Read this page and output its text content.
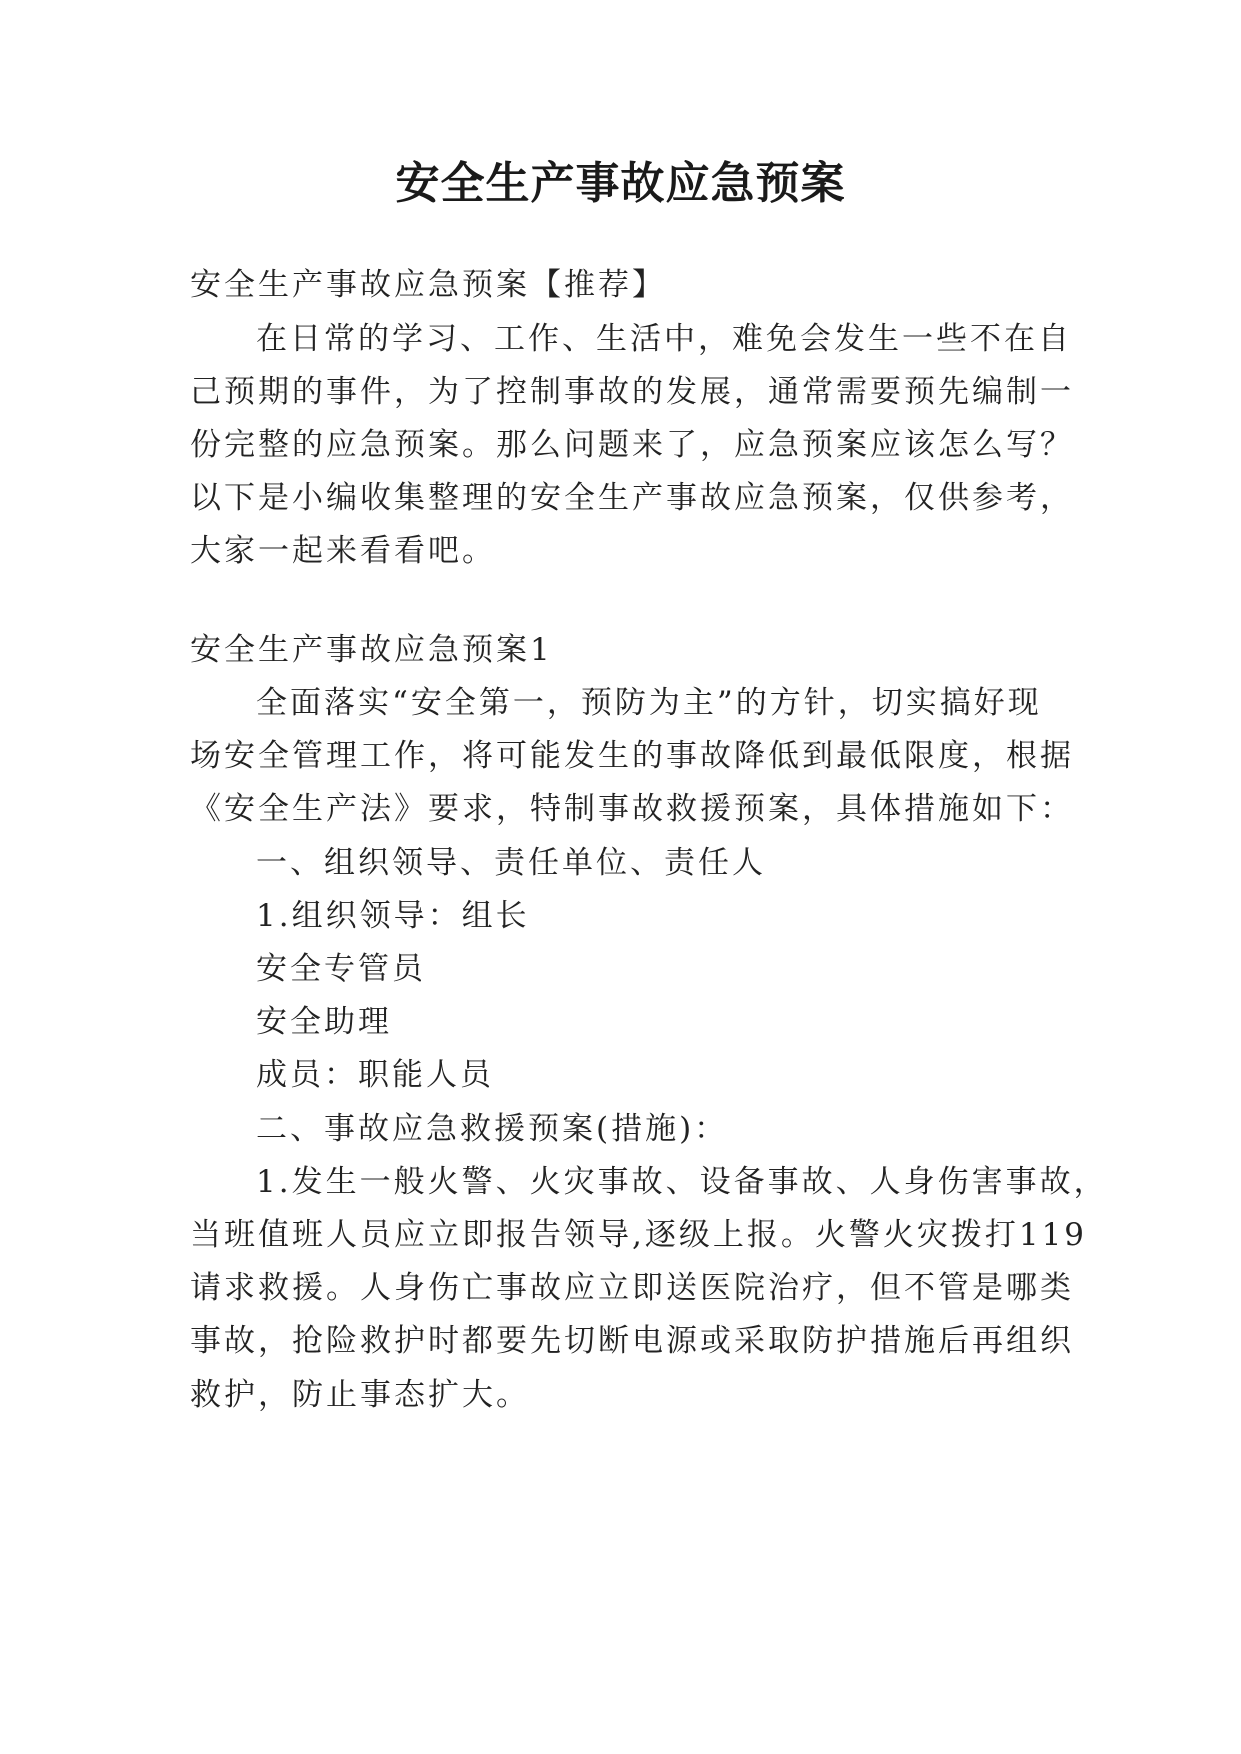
安全生产事故应急预案
安全生产事故应急预案【推荐】
在日常的学习、工作、生活中，难免会发生一些不在自
己预期的事件，为了控制事故的发展，通常需要预先编制一
份完整的应急预案。那么问题来了，应急预案应该怎么写？
以下是小编收集整理的安全生产事故应急预案，仅供参考，
大家一起来看看吧。
安全生产事故应急预案1
全面落实“安全第一，预防为主”的方针，切实搞好现
场安全管理工作，将可能发生的事故降低到最低限度，根据
《安全生产法》要求，特制事故救援预案，具体措施如下：
一、组织领导、责任单位、责任人
1.组织领导：组长
安全专管员
安全助理
成员：职能人员
二、事故应急救援预案(措施)：
1.发生一般火警、火灾事故、设备事故、人身伤害事故，
当班值班人员应立即报告领导,逐级上报。火警火灾拨打119
请求救援。人身伤亡事故应立即送医院治疗，但不管是哪类
事故，抢险救护时都要先切断电源或采取防护措施后再组织
救护，防止事态扩大。
